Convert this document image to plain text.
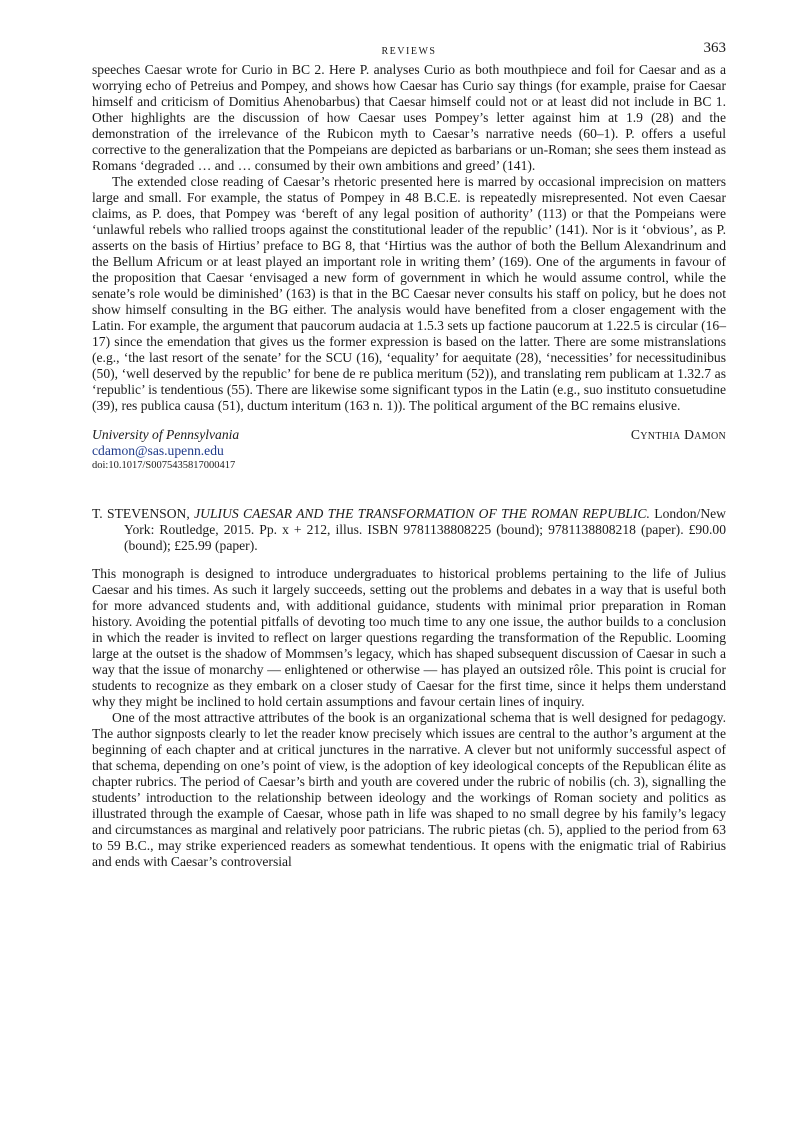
REVIEWS	363

speeches Caesar wrote for Curio in BC 2. Here P. analyses Curio as both mouthpiece and foil for Caesar and as a worrying echo of Petreius and Pompey, and shows how Caesar has Curio say things (for example, praise for Caesar himself and criticism of Domitius Ahenobarbus) that Caesar himself could not or at least did not include in BC 1. Other highlights are the discussion of how Caesar uses Pompey’s letter against him at 1.9 (28) and the demonstration of the irrelevance of the Rubicon myth to Caesar’s narrative needs (60–1). P. offers a useful corrective to the generalization that the Pompeians are depicted as barbarians or un-Roman; she sees them instead as Romans ‘degraded … and … consumed by their own ambitions and greed’ (141).

The extended close reading of Caesar’s rhetoric presented here is marred by occasional imprecision on matters large and small. For example, the status of Pompey in 48 B.C.E. is repeatedly misrepresented. Not even Caesar claims, as P. does, that Pompey was ‘bereft of any legal position of authority’ (113) or that the Pompeians were ‘unlawful rebels who rallied troops against the constitutional leader of the republic’ (141). Nor is it ‘obvious’, as P. asserts on the basis of Hirtius’ preface to BG 8, that ‘Hirtius was the author of both the Bellum Alexandrinum and the Bellum Africum or at least played an important role in writing them’ (169). One of the arguments in favour of the proposition that Caesar ‘envisaged a new form of government in which he would assume control, while the senate’s role would be diminished’ (163) is that in the BC Caesar never consults his staff on policy, but he does not show himself consulting in the BG either. The analysis would have benefited from a closer engagement with the Latin. For example, the argument that paucorum audacia at 1.5.3 sets up factione paucorum at 1.22.5 is circular (16–17) since the emendation that gives us the former expression is based on the latter. There are some mistranslations (e.g., ‘the last resort of the senate’ for the SCU (16), ‘equality’ for aequitate (28), ‘necessities’ for necessitudinibus (50), ‘well deserved by the republic’ for bene de re publica meritum (52)), and translating rem publicam at 1.32.7 as ‘republic’ is tendentious (55). There are likewise some significant typos in the Latin (e.g., suo instituto consuetudine (39), res publica causa (51), ductum interitum (163 n. 1)). The political argument of the BC remains elusive.

University of Pennsylvania	Cynthia Damon
cdamon@sas.upenn.edu
doi:10.1017/S0075435817000417
T. STEVENSON, JULIUS CAESAR AND THE TRANSFORMATION OF THE ROMAN REPUBLIC. London/New York: Routledge, 2015. Pp. x + 212, illus. ISBN 9781138808225 (bound); 9781138808218 (paper). £90.00 (bound); £25.99 (paper).

This monograph is designed to introduce undergraduates to historical problems pertaining to the life of Julius Caesar and his times. As such it largely succeeds, setting out the problems and debates in a way that is useful both for more advanced students and, with additional guidance, students with minimal prior preparation in Roman history. Avoiding the potential pitfalls of devoting too much time to any one issue, the author builds to a conclusion in which the reader is invited to reflect on larger questions regarding the transformation of the Republic. Looming large at the outset is the shadow of Mommsen’s legacy, which has shaped subsequent discussion of Caesar in such a way that the issue of monarchy — enlightened or otherwise — has played an outsized rôle. This point is crucial for students to recognize as they embark on a closer study of Caesar for the first time, since it helps them understand why they might be inclined to hold certain assumptions and favour certain lines of inquiry.

One of the most attractive attributes of the book is an organizational schema that is well designed for pedagogy. The author signposts clearly to let the reader know precisely which issues are central to the author’s argument at the beginning of each chapter and at critical junctures in the narrative. A clever but not uniformly successful aspect of that schema, depending on one’s point of view, is the adoption of key ideological concepts of the Republican élite as chapter rubrics. The period of Caesar’s birth and youth are covered under the rubric of nobilis (ch. 3), signalling the students’ introduction to the relationship between ideology and the workings of Roman society and politics as illustrated through the example of Caesar, whose path in life was shaped to no small degree by his family’s legacy and circumstances as marginal and relatively poor patricians. The rubric pietas (ch. 5), applied to the period from 63 to 59 B.C., may strike experienced readers as somewhat tendentious. It opens with the enigmatic trial of Rabirius and ends with Caesar’s controversial
